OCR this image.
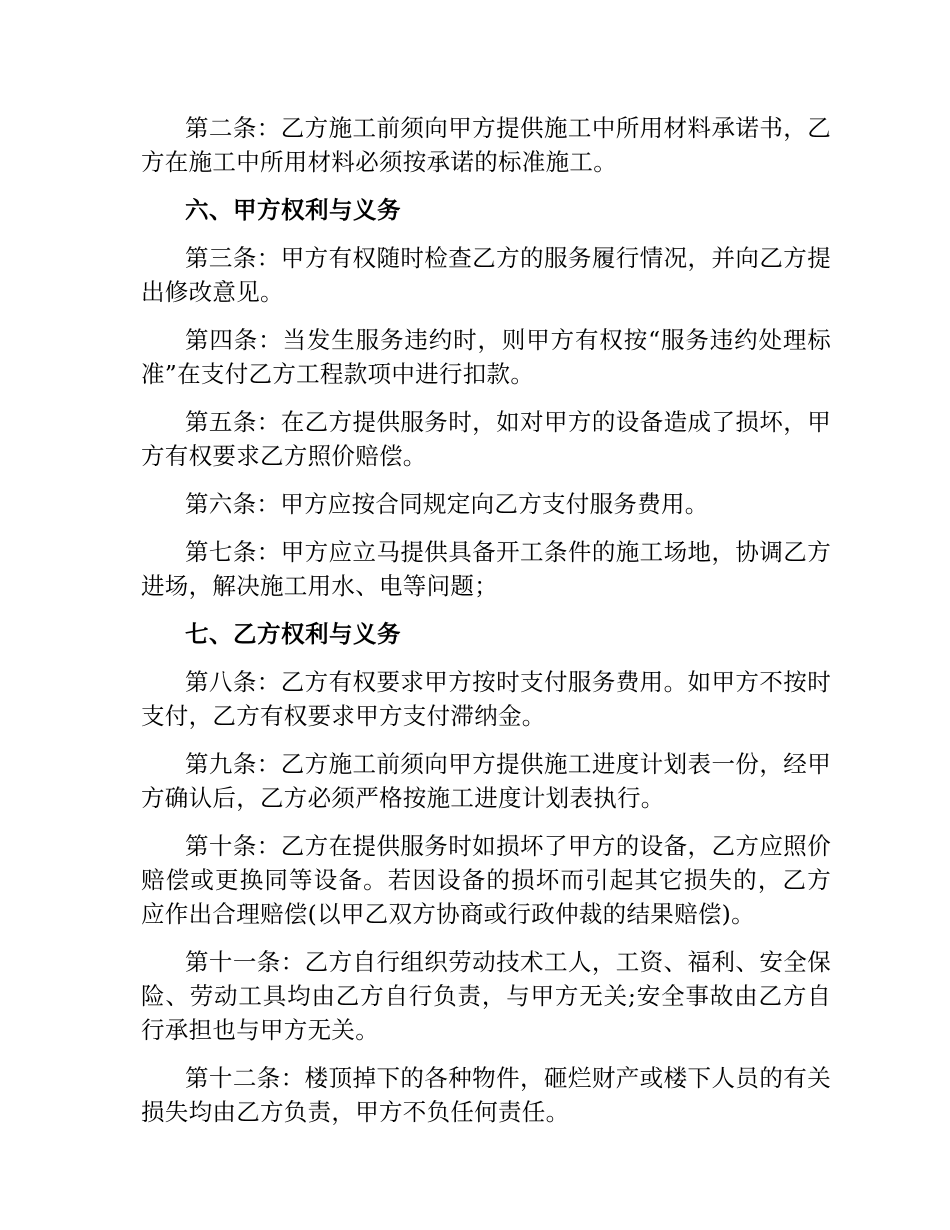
第二条：乙方施工前须向甲方提供施工中所用材料承诺书，乙方在施工中所用材料必须按承诺的标准施工。

六、甲方权利与义务

第三条：甲方有权随时检查乙方的服务履行情况，并向乙方提出修改意见。

第四条：当发生服务违约时，则甲方有权按“服务违约处理标准”在支付乙方工程款项中进行扣款。

第五条：在乙方提供服务时，如对甲方的设备造成了损坏，甲方有权要求乙方照价赔偿。

第六条：甲方应按合同规定向乙方支付服务费用。

第七条：甲方应立马提供具备开工条件的施工场地，协调乙方进场，解决施工用水、电等问题；

七、乙方权利与义务

第八条：乙方有权要求甲方按时支付服务费用。如甲方不按时支付，乙方有权要求甲方支付滞纳金。

第九条：乙方施工前须向甲方提供施工进度计划表一份，经甲方确认后，乙方必须严格按施工进度计划表执行。

第十条：乙方在提供服务时如损坏了甲方的设备，乙方应照价赔偿或更换同等设备。若因设备的损坏而引起其它损失的，乙方应作出合理赔偿(以甲乙双方协商或行政仲裁的结果赔偿)。

第十一条：乙方自行组织劳动技术工人，工资、福利、安全保险、劳动工具均由乙方自行负责，与甲方无关;安全事故由乙方自行承担也与甲方无关。

第十二条：楼顶掉下的各种物件，砸烂财产或楼下人员的有关损失均由乙方负责，甲方不负任何责任。
